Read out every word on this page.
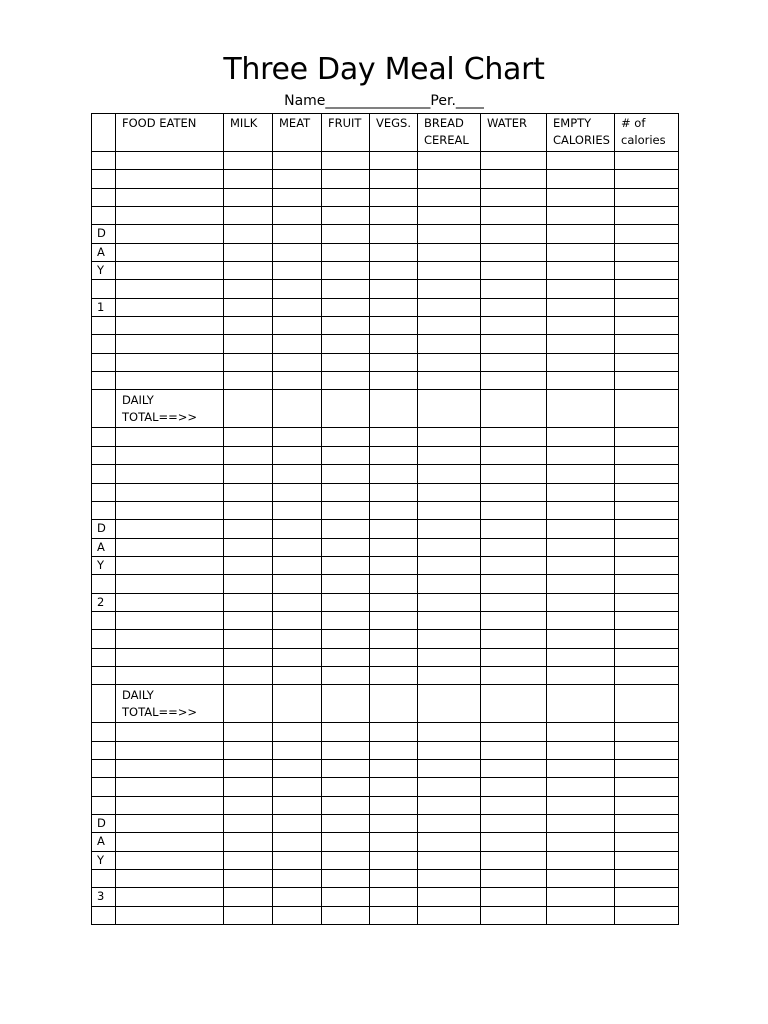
Three Day Meal Chart
Name_______________Per.____
	FOOD EATEN	MILK	MEAT	FRUIT	VEGS.	BREAD CEREAL	WATER	EMPTY CALORIES	# of calories

D									
A									
Y									

1									

	DAILY TOTAL==>>								

D									
A									
Y									

2									

	DAILY TOTAL==>>								

D									
A									
Y									

3									
